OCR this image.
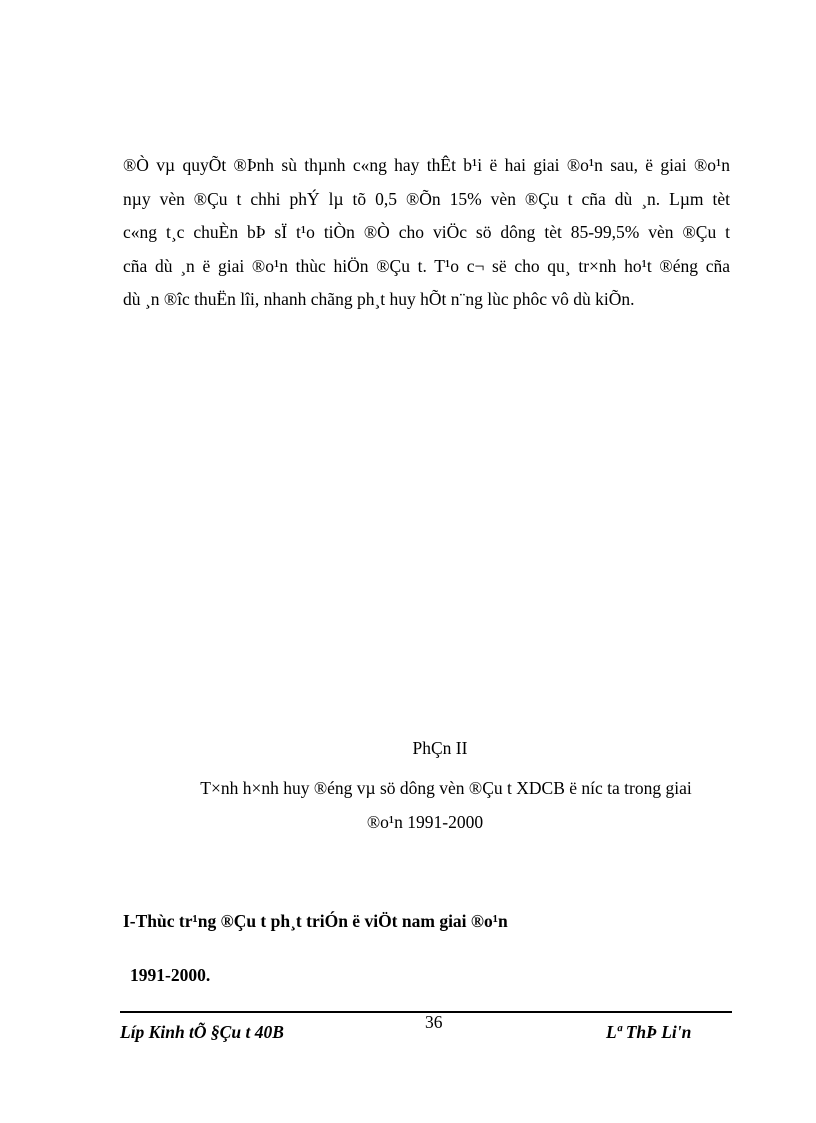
®Ò vµ quyÕt ®Þnh sù thµnh c«ng hay thÊt b¹i ë hai giai ®o¹n sau, ë giai ®o¹n
nµy vèn ®Çu t chhi phÝ lµ tõ 0,5 ®Õn 15% vèn ®Çu t cña dù ¸n. Lµm tèt
c«ng t¸c chuÈn bÞ sÏ t¹o tiÒn ®Ò cho viÖc sö dông tèt 85-99,5% vèn ®Çu t
cña dù ¸n ë giai ®o¹n thùc hiÖn ®Çu t. T¹o c¬ së cho qu¸ tr×nh ho¹t ®éng cña
dù ¸n ®îc thuËn lîi, nhanh chãng ph¸t huy hÕt n¨ng lùc phôc vô dù kiÕn.
PhÇn II
T×nh h×nh huy ®éng vµ sö dông vèn ®Çu t XDCB ë níc ta trong giai
®o¹n 1991-2000
I-Thùc tr¹ng ®Çu t ph¸t triÓn ë viÖt nam giai ®o¹n
1991-2000.
Líp Kinh tÕ §Çu t 40B	36	Lª ThÞ Li'n
